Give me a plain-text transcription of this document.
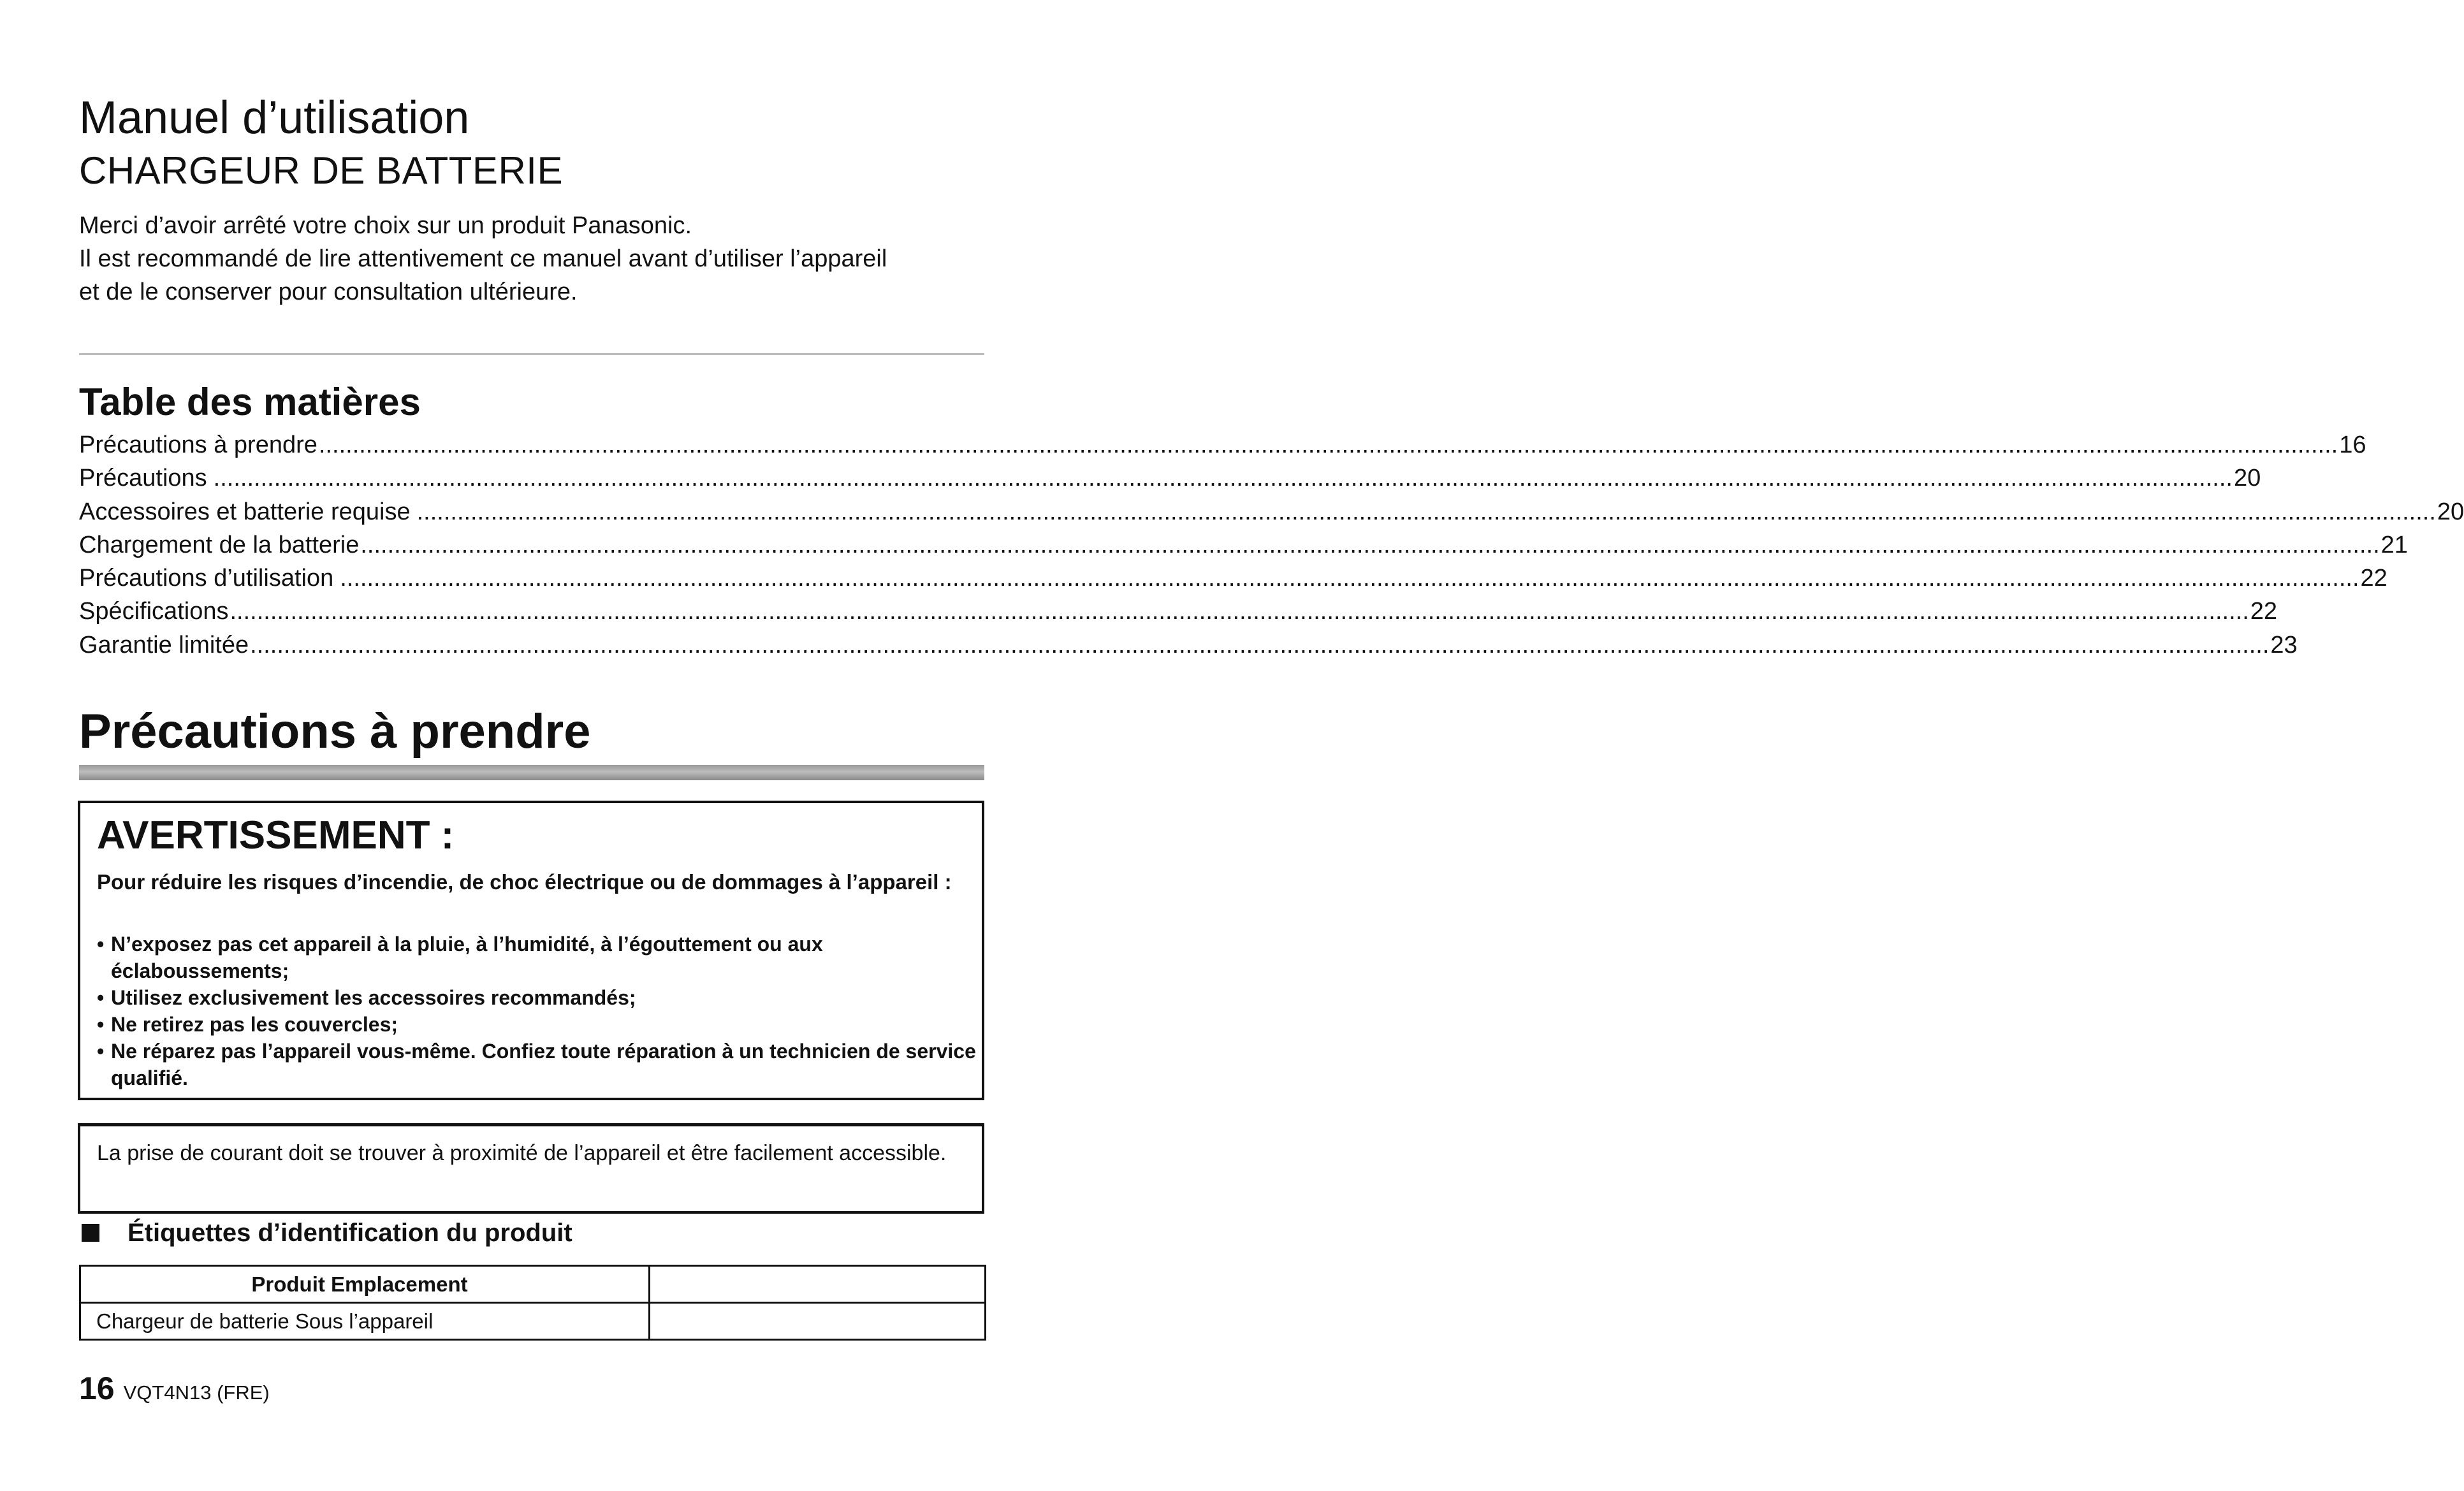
Manuel d’utilisation
CHARGEUR DE BATTERIE

Merci d’avoir arrêté votre choix sur un produit Panasonic.

Il est recommandé de lire attentivement ce manuel avant d’utiliser l’appareil

et de le conserver pour consultation ultérieure.

Table des matières
Précautions à prendre ............................................................................................................................................................................................................................................................................................................ 16
Précautions ............................................................................................................................................................................................................................................................................................................ 20
Accessoires et batterie requise ............................................................................................................................................................................................................................................................................................................ 20
Chargement de la batterie ............................................................................................................................................................................................................................................................................................................ 21
Précautions d’utilisation ............................................................................................................................................................................................................................................................................................................ 22
Spécifications ............................................................................................................................................................................................................................................................................................................ 22
Garantie limitée ............................................................................................................................................................................................................................................................................................................ 23
Précautions à prendre
AVERTISSEMENT :
Pour réduire les risques d’incendie, de choc électrique ou de dommages à l’appareil :
• N’exposez pas cet appareil à la pluie, à l’humidité, à l’égouttement ou aux éclaboussements;
• Utilisez exclusivement les accessoires recommandés;
• Ne retirez pas les couvercles;
• Ne réparez pas l’appareil vous-même. Confiez toute réparation à un technicien de service qualifié.
La prise de courant doit se trouver à proximité de l’appareil et être facilement accessible.
Étiquettes d’identification du produit
Produit Emplacement	
Chargeur de batterie Sous l’appareil	
16 VQT4N13 (FRE)
